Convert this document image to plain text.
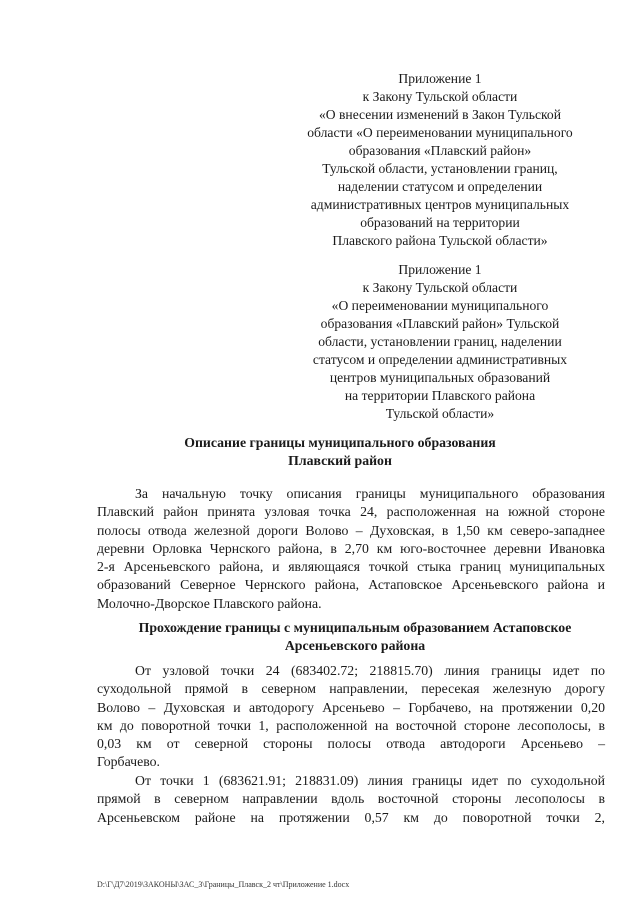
Приложение 1
к Закону Тульской области
«О внесении изменений в Закон Тульской
области «О переименовании муниципального
образования «Плавский район»
Тульской области, установлении границ,
наделении статусом и определении
административных центров муниципальных
образований на территории
Плавского района Тульской области»
Приложение 1
к Закону Тульской области
«О переименовании муниципального
образования «Плавский район» Тульской
области, установлении границ, наделении
статусом и определении административных
центров муниципальных образований
на территории Плавского района
Тульской области»
Описание границы муниципального образования
Плавский район
За начальную точку описания границы муниципального образования
Плавский район принята узловая точка 24, расположенная на южной стороне
полосы отвода железной дороги Волово – Духовская, в 1,50 км северо-западнее
деревни Орловка Чернского района, в 2,70 км юго-восточнее деревни Ивановка
2-я Арсеньевского района, и являющаяся точкой стыка границ муниципальных
образований Северное Чернского района, Астаповское Арсеньевского района и
Молочно-Дворское Плавского района.
Прохождение границы с муниципальным образованием Астаповское
Арсеньевского района
От узловой точки 24 (683402.72; 218815.70) линия границы идет по
суходольной прямой в северном направлении, пересекая железную дорогу
Волово – Духовская и автодорогу Арсеньево – Горбачево, на протяжении 0,20
км до поворотной точки 1, расположенной на восточной стороне лесополосы, в
0,03 км от северной стороны полосы отвода автодороги Арсеньево –
Горбачево.
От точки 1 (683621.91; 218831.09) линия границы идет по суходольной
прямой в северном направлении вдоль восточной стороны лесополосы в
Арсеньевском районе на протяжении 0,57 км до поворотной точки 2,
D:\Г\Д7\2019\ЗАКОНЫ\ЗАС_3\Границы_Плавск_2 чт\Приложение 1.docx
